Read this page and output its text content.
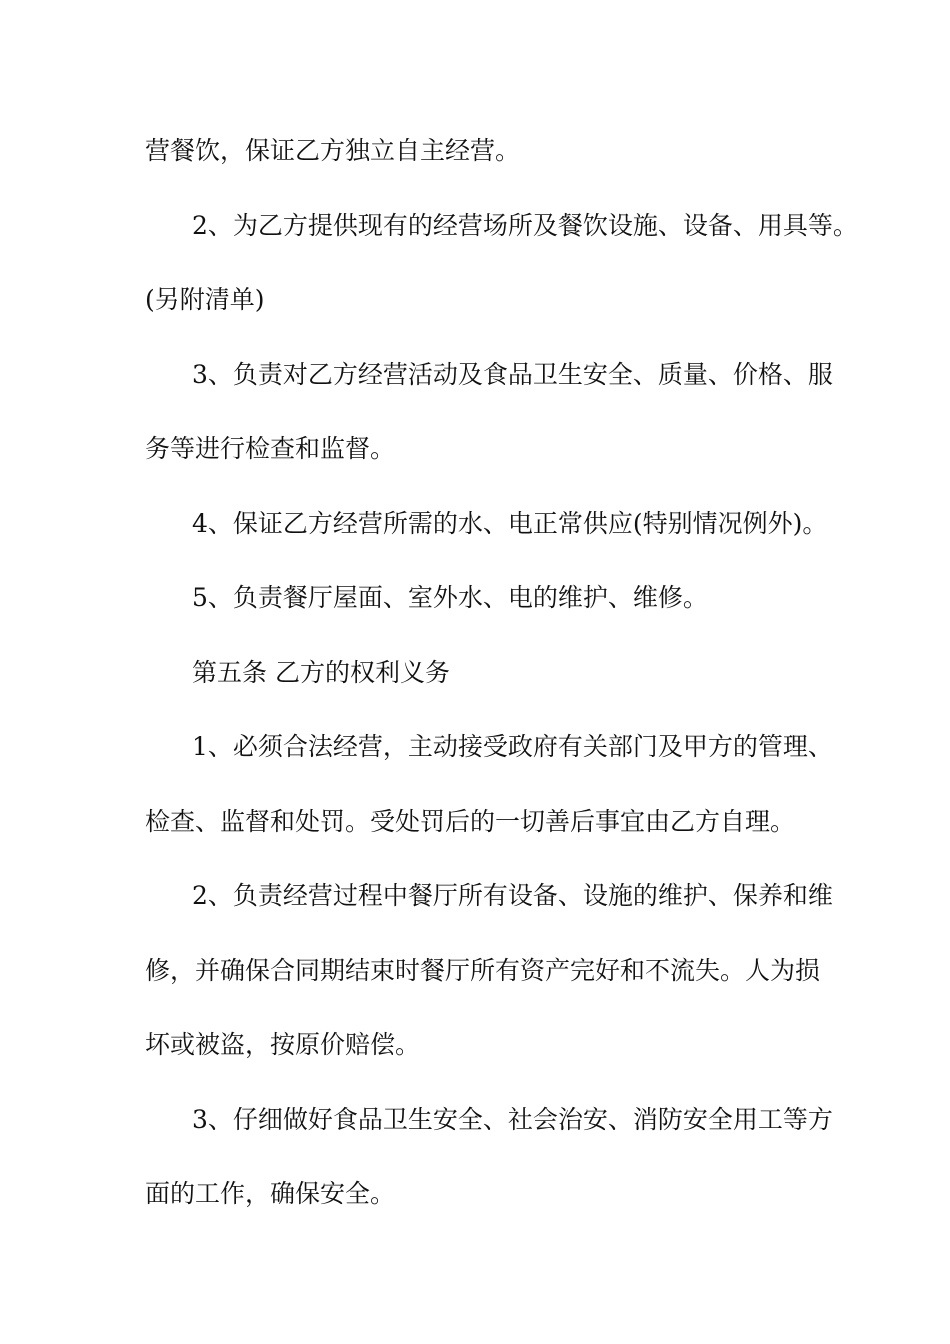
营餐饮，保证乙方独立自主经营。
2、为乙方提供现有的经营场所及餐饮设施、设备、用具等。
(另附清单)
3、负责对乙方经营活动及食品卫生安全、质量、价格、服
务等进行检查和监督。
4、保证乙方经营所需的水、电正常供应(特别情况例外)。
5、负责餐厅屋面、室外水、电的维护、维修。
第五条 乙方的权利义务
1、必须合法经营，主动接受政府有关部门及甲方的管理、
检查、监督和处罚。受处罚后的一切善后事宜由乙方自理。
2、负责经营过程中餐厅所有设备、设施的维护、保养和维
修，并确保合同期结束时餐厅所有资产完好和不流失。人为损
坏或被盗，按原价赔偿。
3、仔细做好食品卫生安全、社会治安、消防安全用工等方
面的工作，确保安全。
